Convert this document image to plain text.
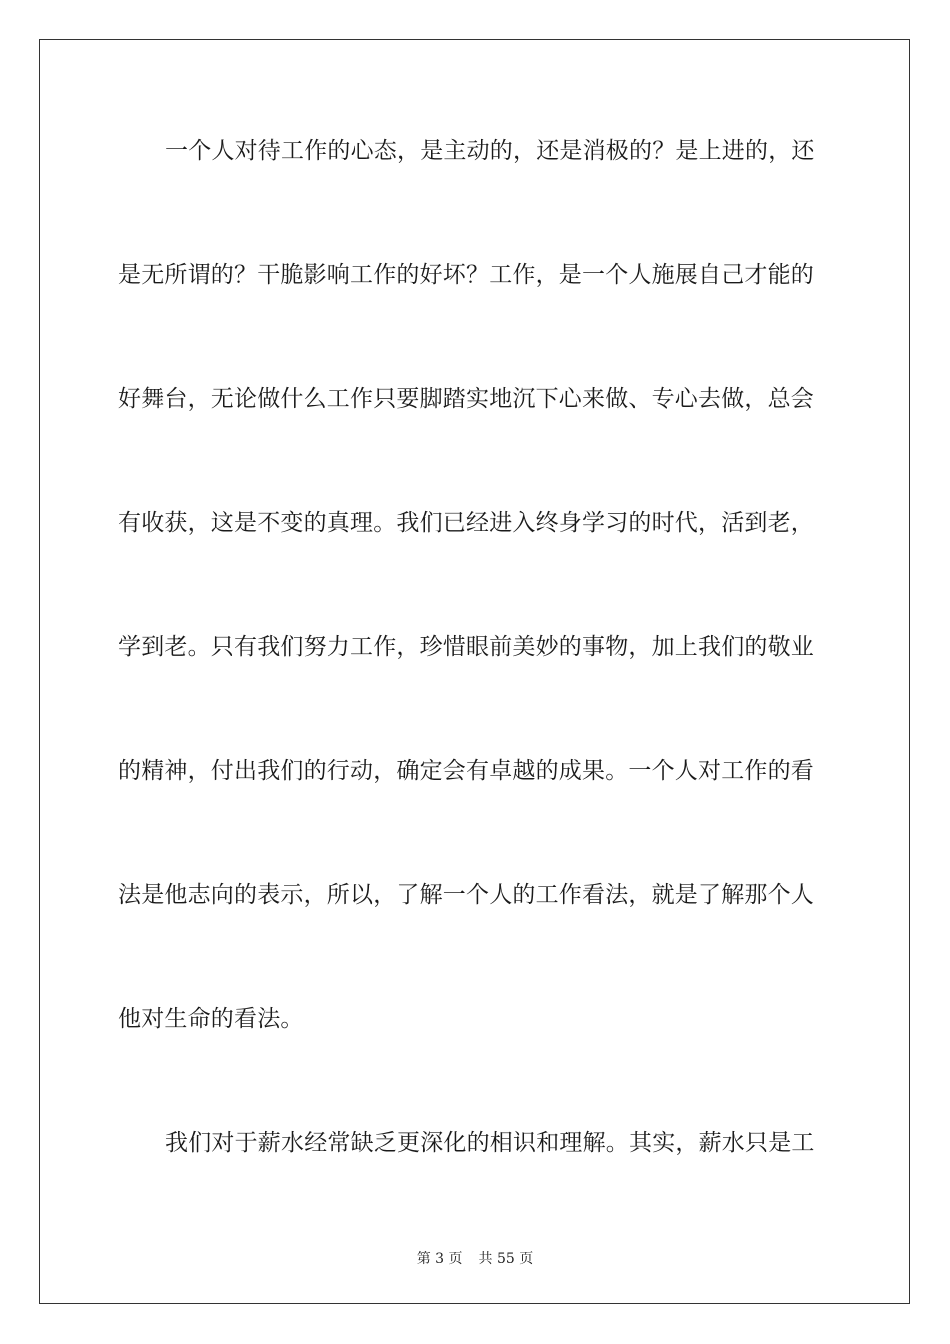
一个人对待工作的心态，是主动的，还是消极的？是上进的，还
是无所谓的？干脆影响工作的好坏？工作，是一个人施展自己才能的
好舞台，无论做什么工作只要脚踏实地沉下心来做、专心去做，总会
有收获，这是不变的真理。我们已经进入终身学习的时代，活到老，
学到老。只有我们努力工作，珍惜眼前美妙的事物，加上我们的敬业
的精神，付出我们的行动，确定会有卓越的成果。一个人对工作的看
法是他志向的表示，所以，了解一个人的工作看法，就是了解那个人
他对生命的看法。
我们对于薪水经常缺乏更深化的相识和理解。其实，薪水只是工
第 3 页 共 55 页
